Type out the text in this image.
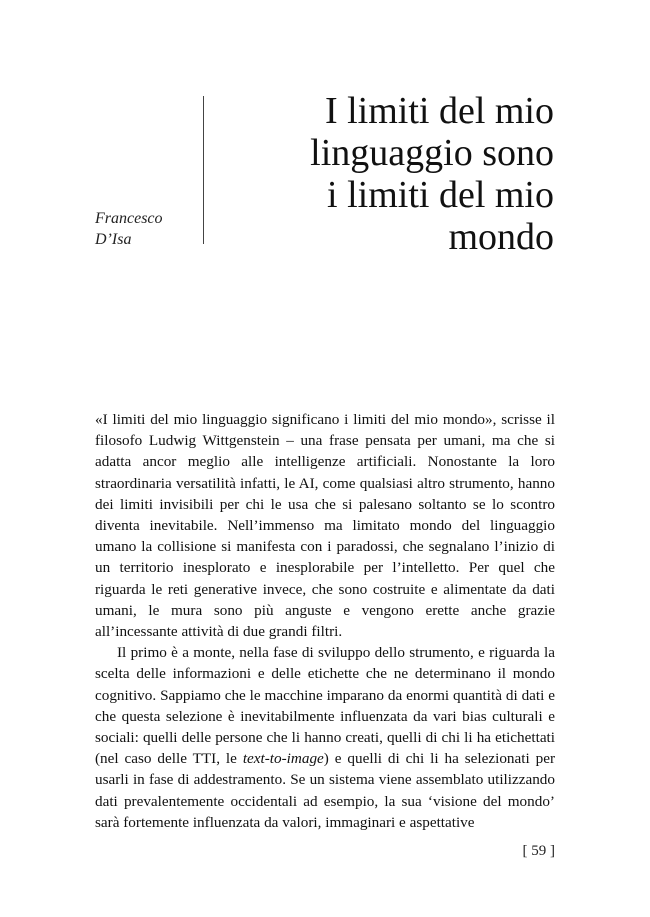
Francesco
D’Isa
I limiti del mio
linguaggio sono
i limiti del mio
mondo

«I limiti del mio linguaggio significano i limiti del mio mondo», scrisse il filosofo Ludwig Wittgenstein – una frase pensata per umani, ma che si adatta ancor meglio alle intelligenze artificiali. Nonostante la loro straordinaria versatilità infatti, le AI, come qualsiasi altro strumento, hanno dei limiti invisibili per chi le usa che si palesano soltanto se lo scontro diventa inevitabile. Nell’immenso ma limitato mondo del linguaggio umano la collisione si manifesta con i paradossi, che segnalano l’inizio di un territorio inesplorato e inesplorabile per l’intelletto. Per quel che riguarda le reti generative invece, che sono costruite e alimentate da dati umani, le mura sono più anguste e vengono erette anche grazie all’incessante attività di due grandi filtri.

Il primo è a monte, nella fase di sviluppo dello strumento, e riguarda la scelta delle informazioni e delle etichette che ne determinano il mondo cognitivo. Sappiamo che le macchine imparano da enormi quantità di dati e che questa selezione è inevitabilmente influenzata da vari bias culturali e sociali: quelli delle persone che li hanno creati, quelli di chi li ha etichettati (nel caso delle TTI, le text-to-image) e quelli di chi li ha selezionati per usarli in fase di addestramento. Se un sistema viene assemblato utilizzando dati prevalentemente occidentali ad esempio, la sua ‘visione del mondo’ sarà fortemente influenzata da valori, immaginari e aspettative

[ 59 ]
